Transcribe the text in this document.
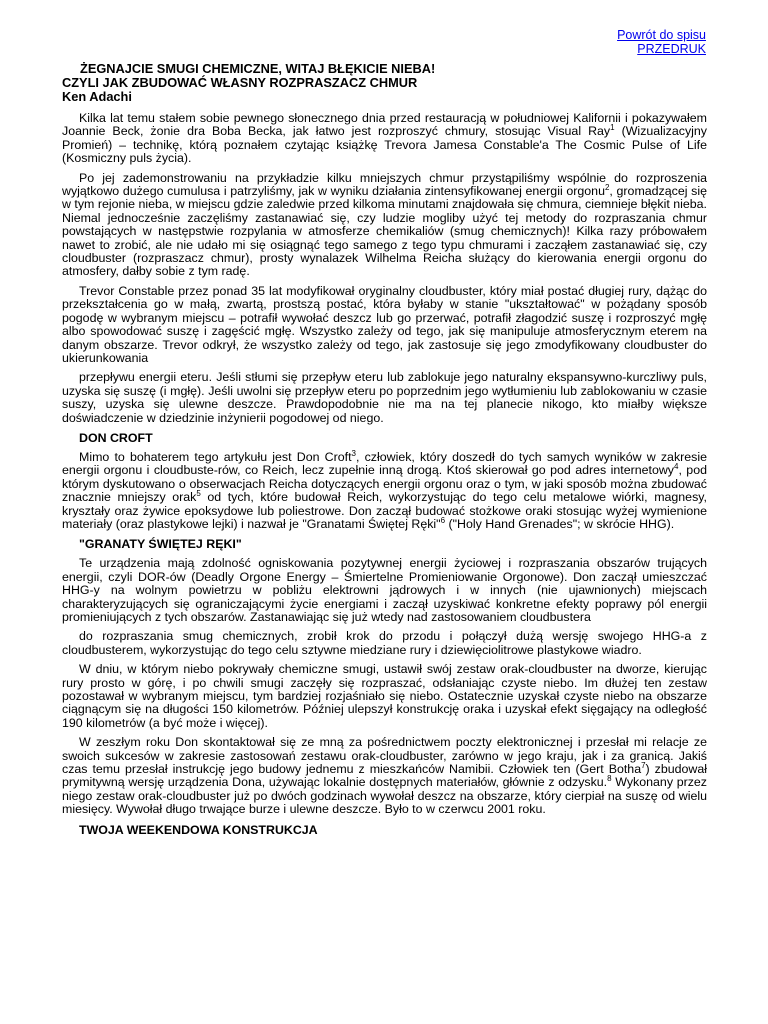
Powrót do spisu
PRZEDRUK
ŻEGNAJCIE SMUGI CHEMICZNE, WITAJ BŁĘKICIE NIEBA!
CZYLI JAK ZBUDOWAĆ WŁASNY ROZPRASZACZ CHMUR
Ken Adachi

Kilka lat temu stałem sobie pewnego słonecznego dnia przed restauracją w południowej Kalifornii i pokazywałem Joannie Beck, żonie dra Boba Becka, jak łatwo jest rozproszyć chmury, stosując Visual Ray$^1$ (Wizualizacyjny Promień) – technikę, którą poznałem czytając książkę Trevora Jamesa Constable'a The Cosmic Pulse of Life (Kosmiczny puls życia).

Po jej zademonstrowaniu na przykładzie kilku mniejszych chmur przystąpiliśmy wspólnie do rozproszenia wyjątkowo dużego cumulusa i patrzyliśmy, jak w wyniku działania zintensyfikowanej energii orgonu$^2$, gromadzącej się w tym rejonie nieba, w miejscu gdzie zaledwie przed kilkoma minutami znajdowała się chmura, ciemnieje błękit nieba. Niemal jednocześnie zaczęliśmy zastanawiać się, czy ludzie mogliby użyć tej metody do rozpraszania chmur powstających w następstwie rozpylania w atmosferze chemikaliów (smug chemicznych)! Kilka razy próbowałem nawet to zrobić, ale nie udało mi się osiągnąć tego samego z tego typu chmurami i zacząłem zastanawiać się, czy cloudbuster (rozpraszacz chmur), prosty wynalazek Wilhelma Reicha służący do kierowania energii orgonu do atmosfery, dałby sobie z tym radę.

Trevor Constable przez ponad 35 lat modyfikował oryginalny cloudbuster, który miał postać długiej rury, dążąc do przekształcenia go w małą, zwartą, prostszą postać, która byłaby w stanie "ukształtować" w pożądany sposób pogodę w wybranym miejscu – potrafił wywołać deszcz lub go przerwać, potrafił złagodzić suszę i rozproszyć mgłę albo spowodować suszę i zagęścić mgłę. Wszystko zależy od tego, jak się manipuluje atmosferycznym eterem na danym obszarze. Trevor odkrył, że wszystko zależy od tego, jak zastosuje się jego zmodyfikowany cloudbuster do ukierunkowania

przepływu energii eteru. Jeśli stłumi się przepływ eteru lub zablokuje jego naturalny ekspansywno-kurczliwy puls, uzyska się suszę (i mgłę). Jeśli uwolni się przepływ eteru po poprzednim jego wytłumieniu lub zablokowaniu w czasie suszy, uzyska się ulewne deszcze. Prawdopodobnie nie ma na tej planecie nikogo, kto miałby większe doświadczenie w dziedzinie inżynierii pogodowej od niego.

DON CROFT

Mimo to bohaterem tego artykułu jest Don Croft$^3$, człowiek, który doszedł do tych samych wyników w zakresie energii orgonu i cloudbuste-rów, co Reich, lecz zupełnie inną drogą. Ktoś skierował go pod adres internetowy$^4$, pod którym dyskutowano o obserwacjach Reicha dotyczących energii orgonu oraz o tym, w jaki sposób można zbudować znacznie mniejszy orak$^5$ od tych, które budował Reich, wykorzystując do tego celu metalowe wiórki, magnesy, kryształy oraz żywice epoksydowe lub poliestrowe. Don zaczął budować stożkowe oraki stosując wyżej wymienione materiały (oraz plastykowe lejki) i nazwał je "Granatami Świętej Ręki"$^6$ ("Holy Hand Grenades"; w skrócie HHG).

"GRANATY ŚWIĘTEJ RĘKI"

Te urządzenia mają zdolność ogniskowania pozytywnej energii życiowej i rozpraszania obszarów trujących energii, czyli DOR-ów (Deadly Orgone Energy – Śmiertelne Promieniowanie Orgonowe). Don zaczął umieszczać HHG-y na wolnym powietrzu w pobliżu elektrowni jądrowych i w innych (nie ujawnionych) miejscach charakteryzujących się ograniczającymi życie energiami i zaczął uzyskiwać konkretne efekty poprawy pól energii promieniujących z tych obszarów. Zastanawiając się już wtedy nad zastosowaniem cloudbustera

do rozpraszania smug chemicznych, zrobił krok do przodu i połączył dużą wersję swojego HHG-a z cloudbusterem, wykorzystując do tego celu sztywne miedziane rury i dziewięciolitrowe plastykowe wiadro.

W dniu, w którym niebo pokrywały chemiczne smugi, ustawił swój zestaw orak-cloudbuster na dworze, kierując rury prosto w górę, i po chwili smugi zaczęły się rozpraszać, odsłaniając czyste niebo. Im dłużej ten zestaw pozostawał w wybranym miejscu, tym bardziej rozjaśniało się niebo. Ostatecznie uzyskał czyste niebo na obszarze ciągnącym się na długości 150 kilometrów. Później ulepszył konstrukcję oraka i uzyskał efekt sięgający na odległość 190 kilometrów (a być może i więcej).

W zeszłym roku Don skontaktował się ze mną za pośrednictwem poczty elektronicznej i przesłał mi relacje ze swoich sukcesów w zakresie zastosowań zestawu orak-cloudbuster, zarówno w jego kraju, jak i za granicą. Jakiś czas temu przesłał instrukcję jego budowy jednemu z mieszkańców Namibii. Człowiek ten (Gert Botha$^7$) zbudował prymitywną wersję urządzenia Dona, używając lokalnie dostępnych materiałów, głównie z odzysku.$^8$ Wykonany przez niego zestaw orak-cloudbuster już po dwóch godzinach wywołał deszcz na obszarze, który cierpiał na suszę od wielu miesięcy. Wywołał długo trwające burze i ulewne deszcze. Było to w czerwcu 2001 roku.

TWOJA WEEKENDOWA KONSTRUKCJA
